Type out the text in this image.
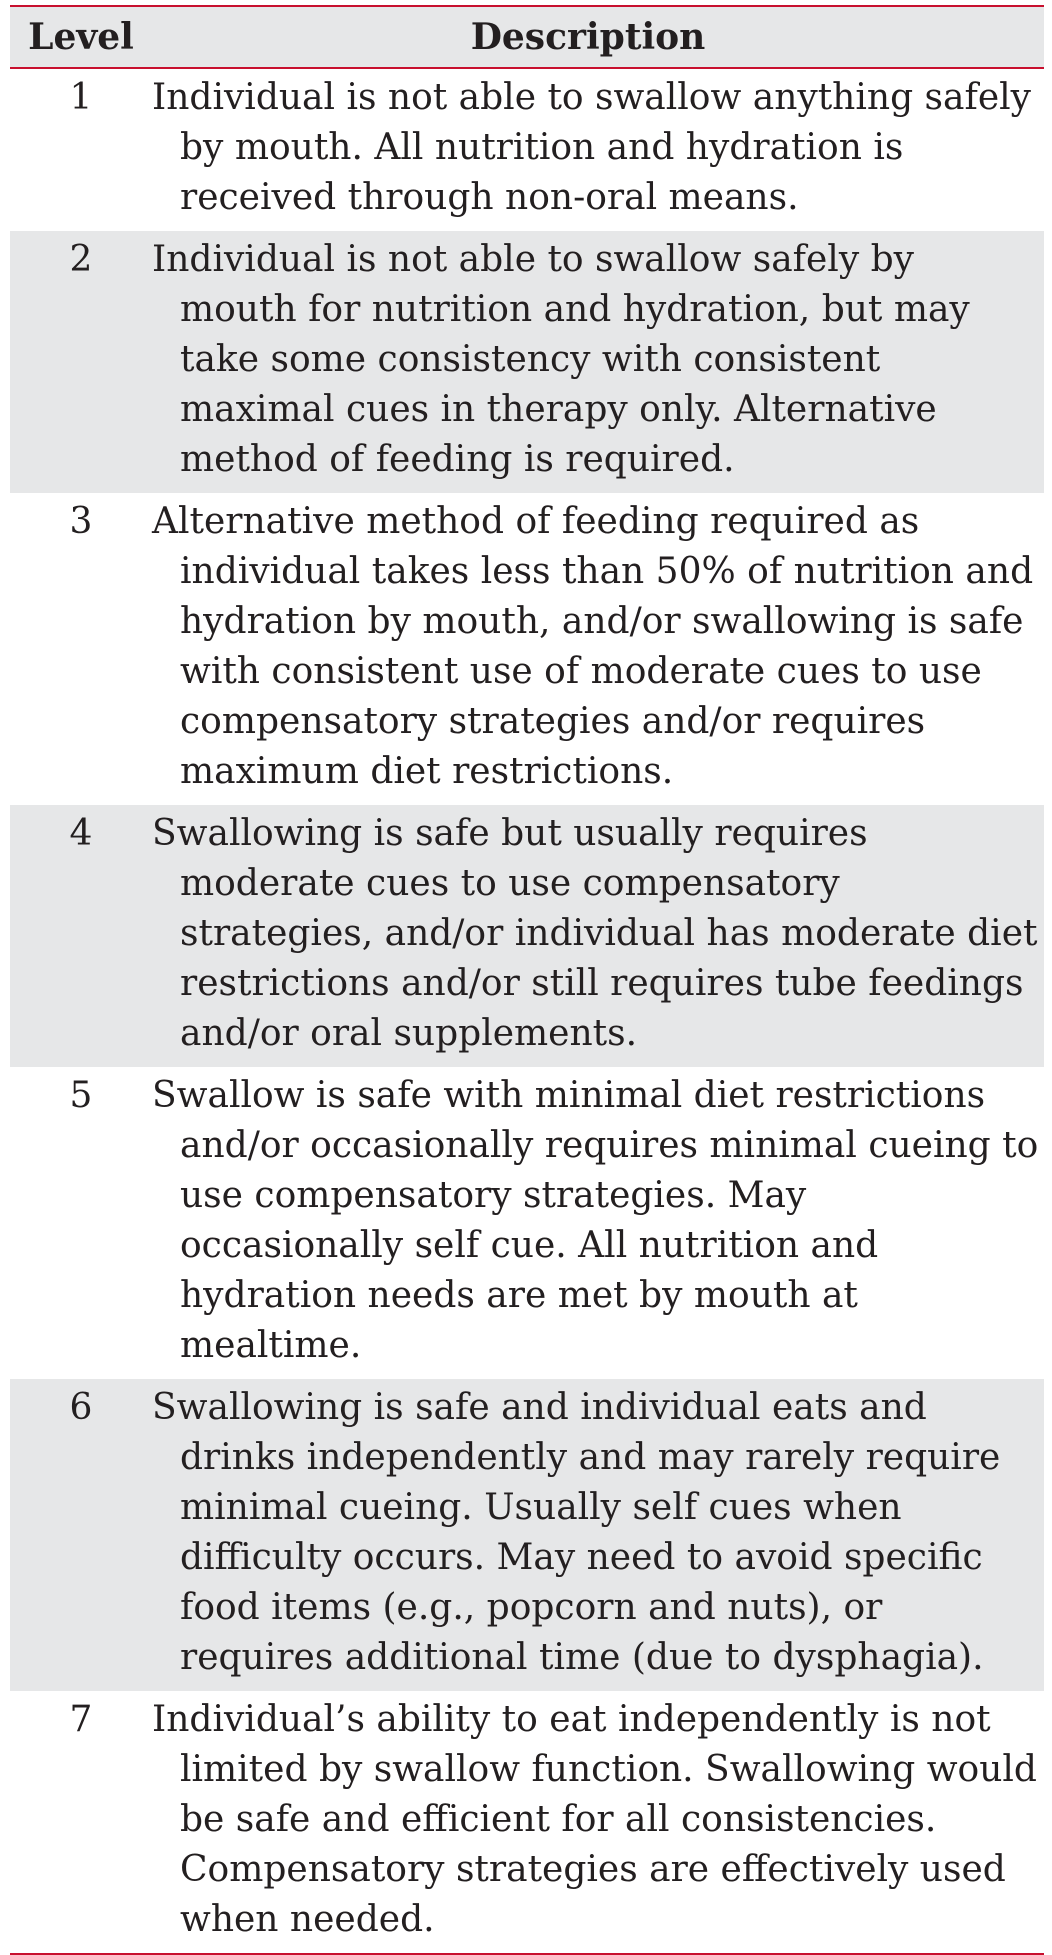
Level	Description
1	Individual is not able to swallow anything safely by mouth. All nutrition and hydration is received through non-oral means.
2	Individual is not able to swallow safely by mouth for nutrition and hydration, but may take some consistency with consistent maximal cues in therapy only. Alternative method of feeding is required.
3	Alternative method of feeding required as individual takes less than 50% of nutrition and hydration by mouth, and/or swallowing is safe with consistent use of moderate cues to use compensatory strategies and/or requires maximum diet restrictions.
4	Swallowing is safe but usually requires moderate cues to use compensatory strategies, and/or individual has moderate diet restrictions and/or still requires tube feedings and/or oral supplements.
5	Swallow is safe with minimal diet restrictions and/or occasionally requires minimal cueing to use compensatory strategies. May occasionally self cue. All nutrition and hydration needs are met by mouth at mealtime.
6	Swallowing is safe and individual eats and drinks independently and may rarely require minimal cueing. Usually self cues when difficulty occurs. May need to avoid specific food items (e.g., popcorn and nuts), or requires additional time (due to dysphagia).
7	Individual’s ability to eat independently is not limited by swallow function. Swallowing would be safe and efficient for all consistencies. Compensatory strategies are effectively used when needed.
